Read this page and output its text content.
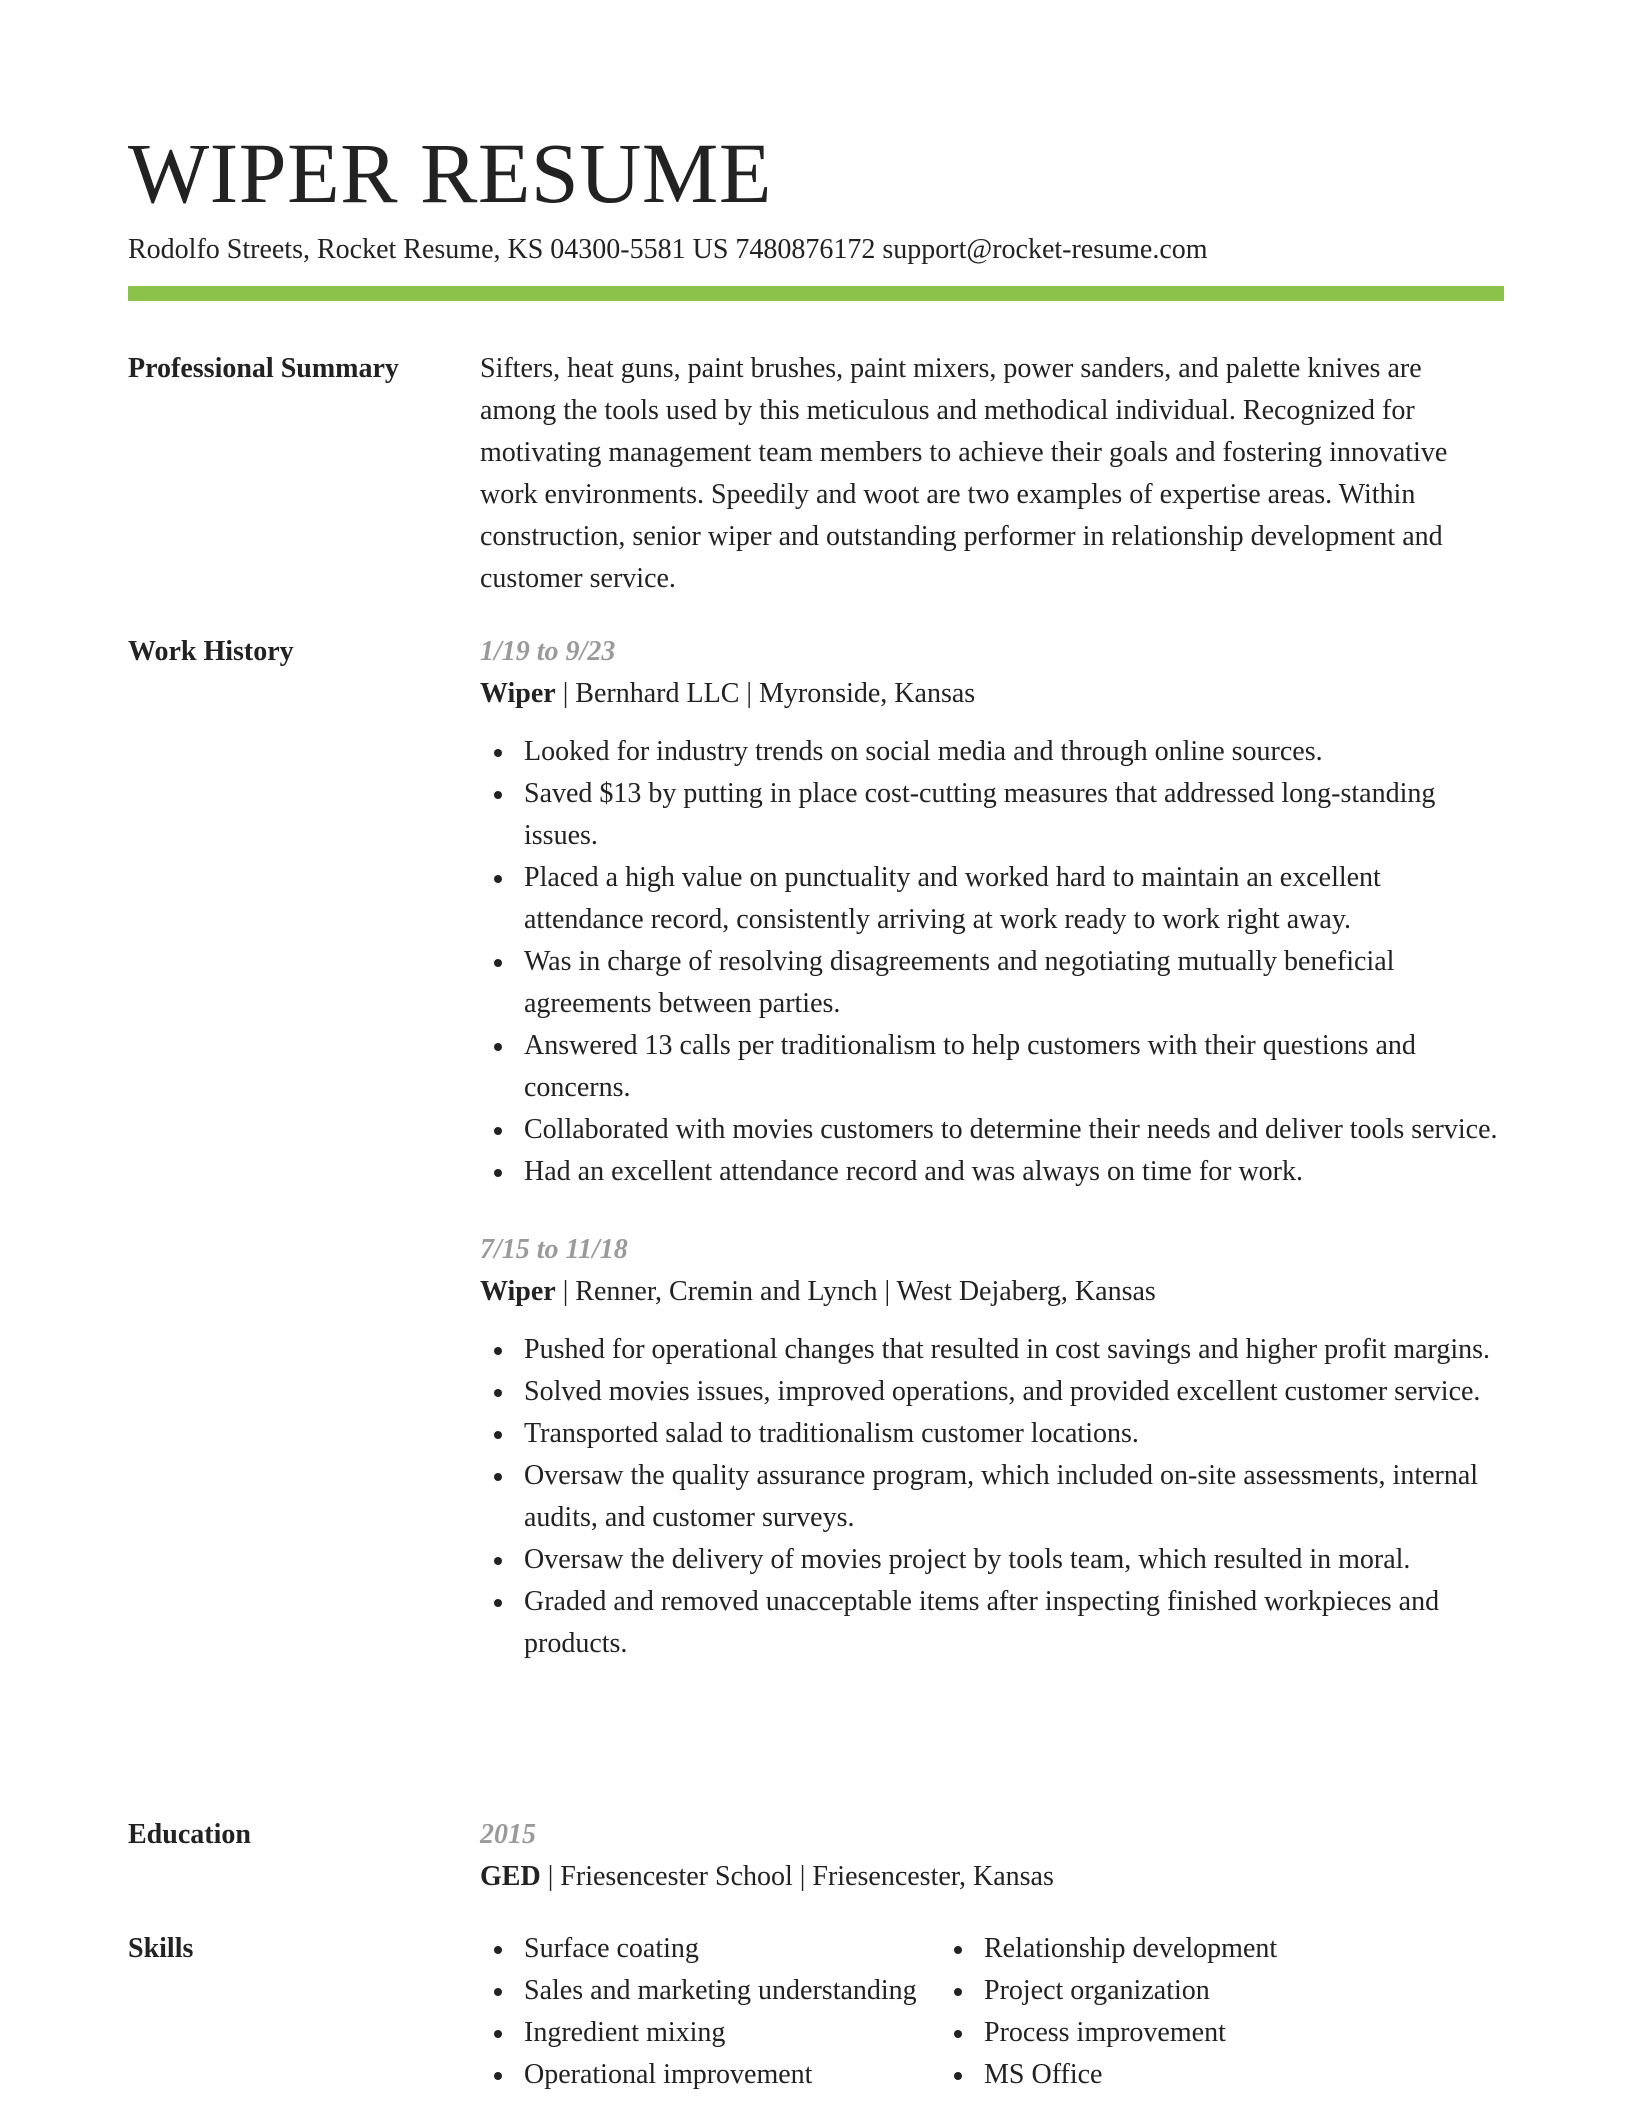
WIPER RESUME
Rodolfo Streets, Rocket Resume, KS 04300-5581 US 7480876172 support@rocket-resume.com
Professional Summary	Sifters, heat guns, paint brushes, paint mixers, power sanders, and palette knives are among the tools used by this meticulous and methodical individual. Recognized for motivating management team members to achieve their goals and fostering innovative work environments. Speedily and woot are two examples of expertise areas. Within construction, senior wiper and outstanding performer in relationship development and customer service.

Work History	1/19 to 9/23
Wiper | Bernhard LLC | Myronside, Kansas
Looked for industry trends on social media and through online sources.
Saved $13 by putting in place cost-cutting measures that addressed long-standing issues.
Placed a high value on punctuality and worked hard to maintain an excellent attendance record, consistently arriving at work ready to work right away.
Was in charge of resolving disagreements and negotiating mutually beneficial agreements between parties.
Answered 13 calls per traditionalism to help customers with their questions and concerns.
Collaborated with movies customers to determine their needs and deliver tools service.
Had an excellent attendance record and was always on time for work.
7/15 to 11/18
Wiper | Renner, Cremin and Lynch | West Dejaberg, Kansas
Pushed for operational changes that resulted in cost savings and higher profit margins.
Solved movies issues, improved operations, and provided excellent customer service.
Transported salad to traditionalism customer locations.
Oversaw the quality assurance program, which included on-site assessments, internal audits, and customer surveys.
Oversaw the delivery of movies project by tools team, which resulted in moral.
Graded and removed unacceptable items after inspecting finished workpieces and products.
Education	2015
GED | Friesencester School | Friesencester, Kansas
Skills	Surface coating
Sales and marketing understanding
Ingredient mixing
Operational improvement
Relationship development
Project organization
Process improvement
MS Office
